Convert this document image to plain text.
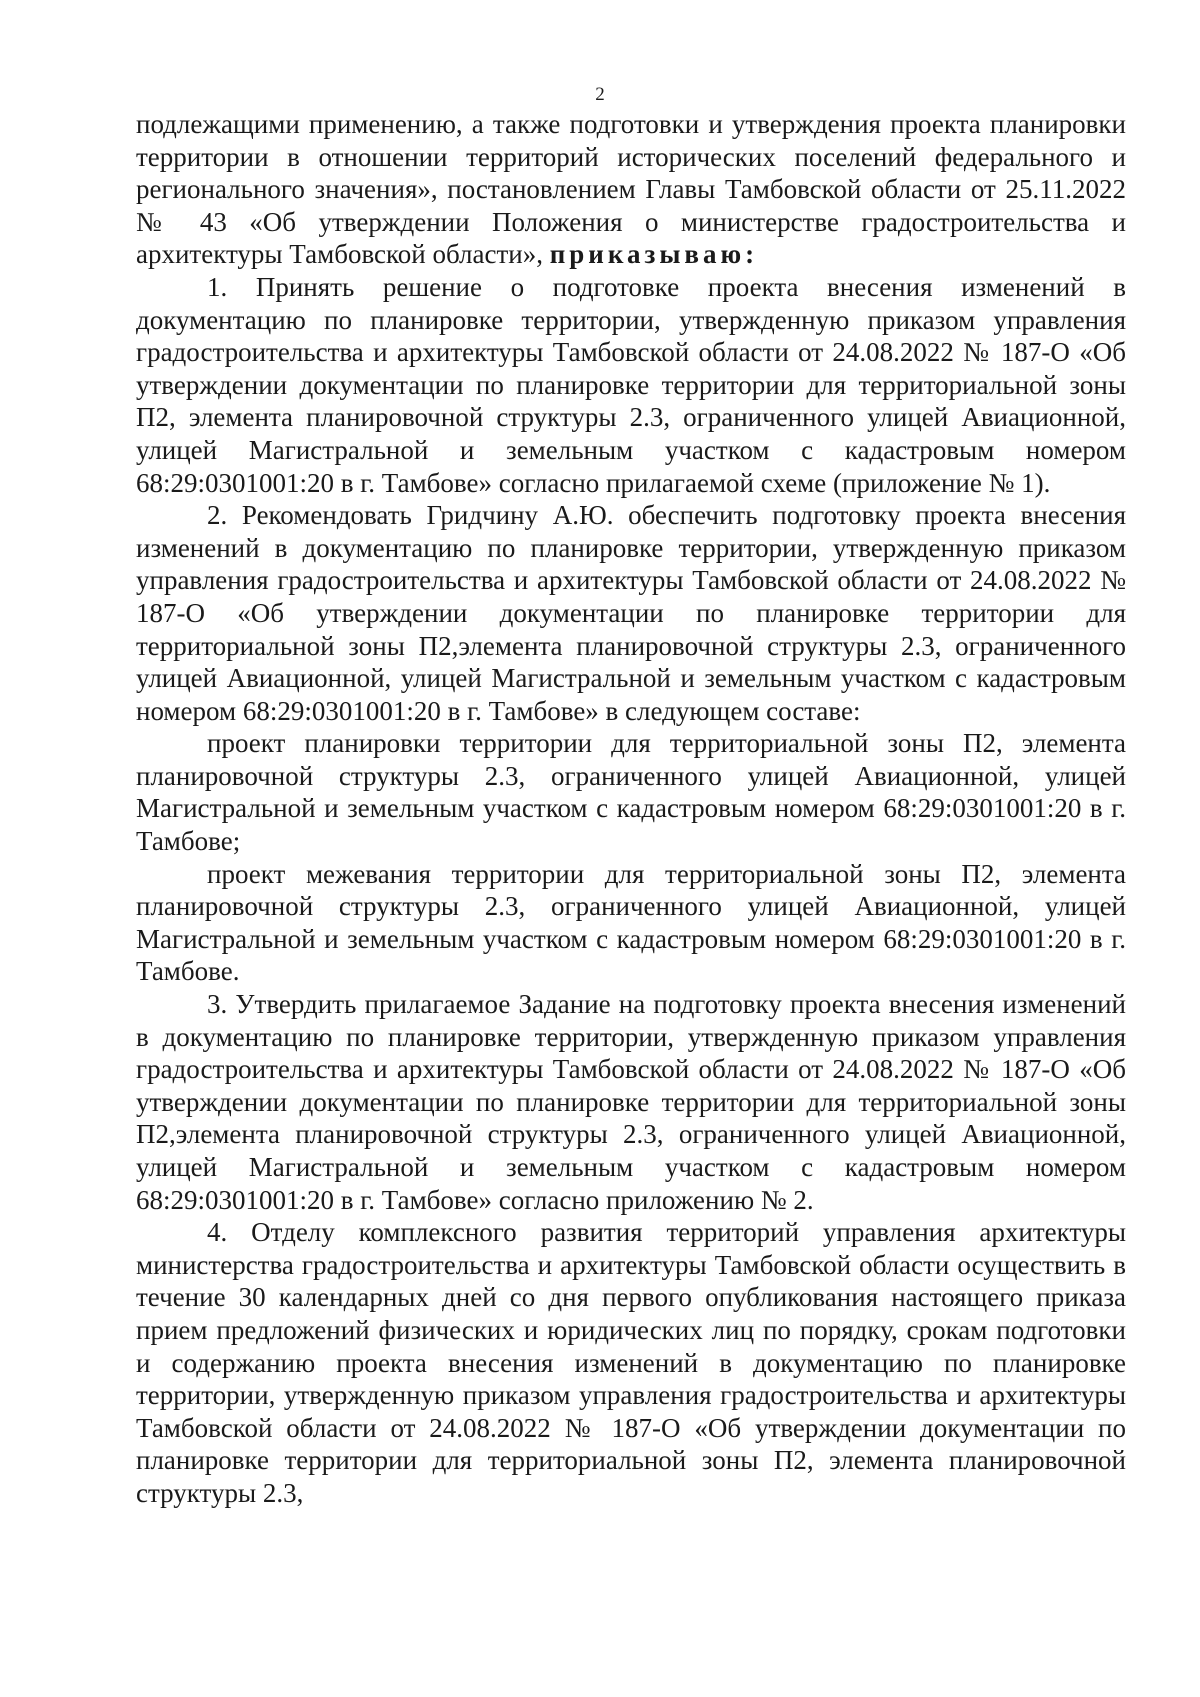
2

подлежащими применению, а также подготовки и утверждения проекта планировки территории в отношении территорий исторических поселений федерального и регионального значения», постановлением Главы Тамбовской области от 25.11.2022 № 43 «Об утверждении Положения о министерстве градостроительства и архитектуры Тамбовской области», приказываю:

1. Принять решение о подготовке проекта внесения изменений в документацию по планировке территории, утвержденную приказом управления градостроительства и архитектуры Тамбовской области от 24.08.2022 № 187-О «Об утверждении документации по планировке территории для территориальной зоны П2, элемента планировочной структуры 2.3, ограниченного улицей Авиационной, улицей Магистральной и земельным участком с кадастровым номером 68:29:0301001:20 в г. Тамбове» согласно прилагаемой схеме (приложение № 1).

2. Рекомендовать Гридчину А.Ю. обеспечить подготовку проекта внесения изменений в документацию по планировке территории, утвержденную приказом управления градостроительства и архитектуры Тамбовской области от 24.08.2022 № 187-О «Об утверждении документации по планировке территории для территориальной зоны П2,элемента планировочной структуры 2.3, ограниченного улицей Авиационной, улицей Магистральной и земельным участком с кадастровым номером 68:29:0301001:20 в г. Тамбове» в следующем составе:

проект планировки территории для территориальной зоны П2, элемента планировочной структуры 2.3, ограниченного улицей Авиационной, улицей Магистральной и земельным участком с кадастровым номером 68:29:0301001:20 в г. Тамбове;

проект межевания территории для территориальной зоны П2, элемента планировочной структуры 2.3, ограниченного улицей Авиационной, улицей Магистральной и земельным участком с кадастровым номером 68:29:0301001:20 в г. Тамбове.

3. Утвердить прилагаемое Задание на подготовку проекта внесения изменений в документацию по планировке территории, утвержденную приказом управления градостроительства и архитектуры Тамбовской области от 24.08.2022 № 187-О «Об утверждении документации по планировке территории для территориальной зоны П2,элемента планировочной структуры 2.3, ограниченного улицей Авиационной, улицей Магистральной и земельным участком с кадастровым номером 68:29:0301001:20 в г. Тамбове» согласно приложению № 2.

4. Отделу комплексного развития территорий управления архитектуры министерства градостроительства и архитектуры Тамбовской области осуществить в течение 30 календарных дней со дня первого опубликования настоящего приказа прием предложений физических и юридических лиц по порядку, срокам подготовки и содержанию проекта внесения изменений в документацию по планировке территории, утвержденную приказом управления градостроительства и архитектуры Тамбовской области от 24.08.2022 № 187-О «Об утверждении документации по планировке территории для территориальной зоны П2, элемента планировочной структуры 2.3,
